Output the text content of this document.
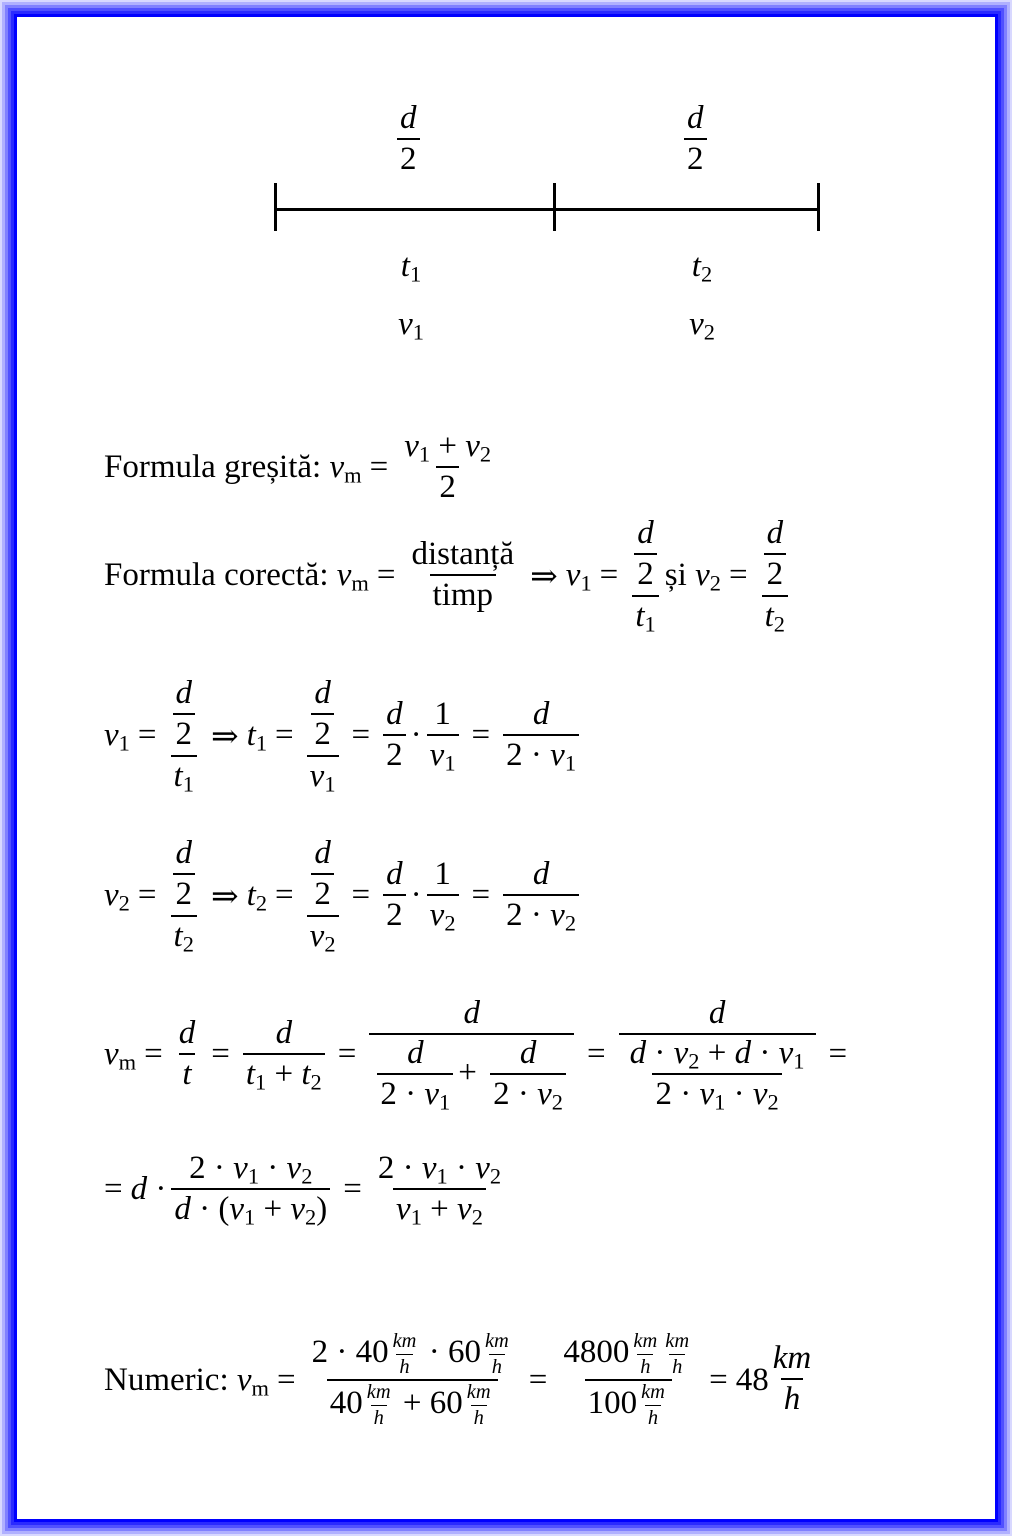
$\frac{d}{2}$	$\frac{d}{2}$
$t_1$
$v_1$
$t_2$
$v_2$
Formula greșită:
$v_m = \frac{v_1 + v_2}{2}$
Formula corectă:
$v_m = \frac{\text{distanță}}{\text{timp}}$ ⇒ $v_1 = \frac{\frac{d}{2}}{t_1}$ și
$v_2 = \frac{\frac{d}{2}}{t_2}$
$v_1 = \frac{\frac{d}{2}}{t_1}$ ⇒ $t_1 = \frac{\frac{d}{2}}{v_1} = \frac{d}{2} \cdot \frac{1}{v_1} = \frac{d}{2 \cdot v_1}$
$v_2 = \frac{\frac{d}{2}}{t_2}$ ⇒ $t_2 = \frac{\frac{d}{2}}{v_2} = \frac{d}{2} \cdot \frac{1}{v_2} = \frac{d}{2 \cdot v_2}$
$v_m = \frac{d}{t} = \frac{d}{t_1 + t_2} = \frac{d}{\frac{d}{2 \cdot v_1} + \frac{d}{2 \cdot v_2}} = \frac{d}{\frac{d \cdot v_2 + d \cdot v_1}{2 \cdot v_1 \cdot v_2}}$ =
= d
· $\frac{2 \cdot v_1 \cdot v_2}{d \cdot (v_1 + v_2)} = \frac{2 \cdot v_1 \cdot v_2}{v_1 + v_2}$
Numeric:
$v_m = \frac{2 \cdot 40 \frac{km}{h} \cdot 60 \frac{km}{h}}{40 \frac{km}{h} + 60 \frac{km}{h}} = \frac{4800 \frac{km}{h} \frac{km}{h}}{100 \frac{km}{h}} = 48 \frac{km}{h}$
